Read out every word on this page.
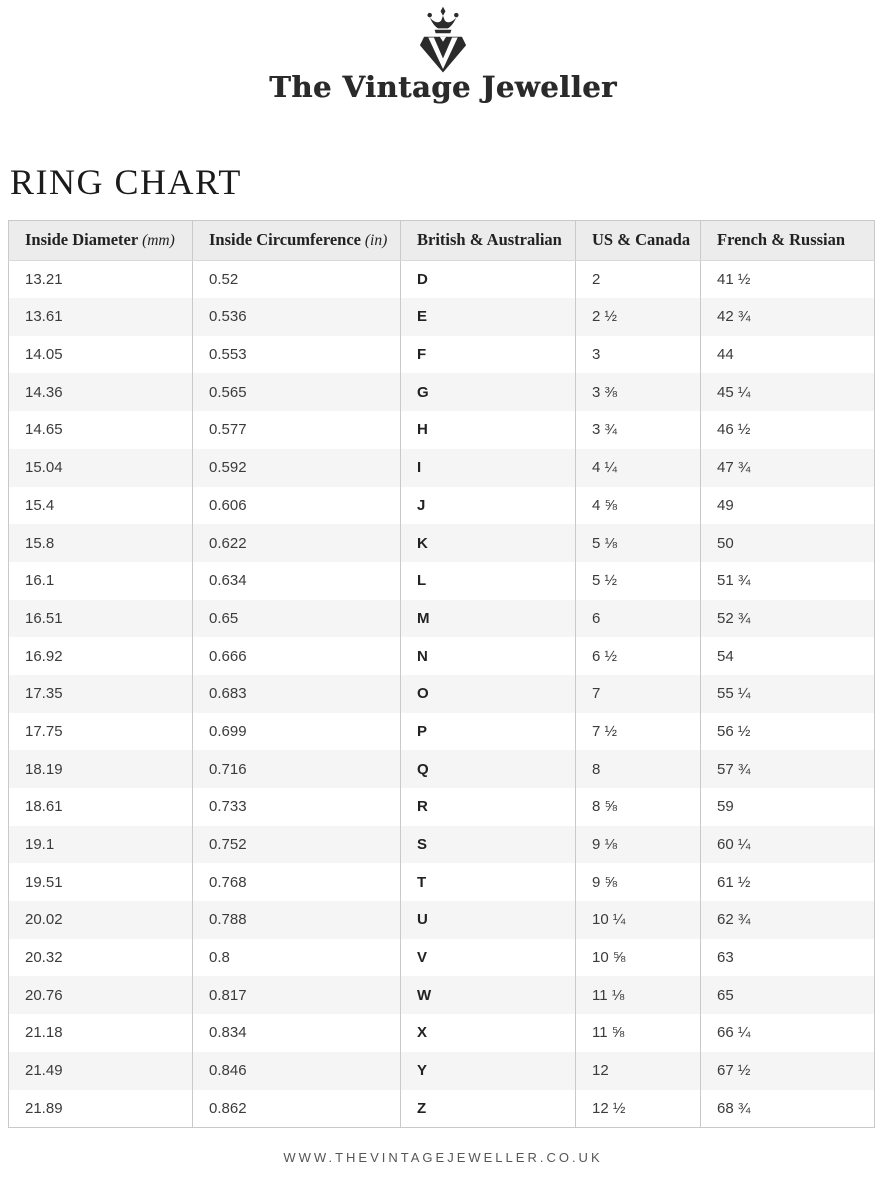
The Vintage Jeweller
RING CHART
Inside Diameter (mm)	Inside Circumference (in)	British & Australian	US & Canada	French & Russian
13.21	0.52	D	2	41 ½
13.61	0.536	E	2 ½	42 ¾
14.05	0.553	F	3	44
14.36	0.565	G	3 ⅜	45 ¼
14.65	0.577	H	3 ¾	46 ½
15.04	0.592	I	4 ¼	47 ¾
15.4	0.606	J	4 ⅝	49
15.8	0.622	K	5 ⅛	50
16.1	0.634	L	5 ½	51 ¾
16.51	0.65	M	6	52 ¾
16.92	0.666	N	6 ½	54
17.35	0.683	O	7	55 ¼
17.75	0.699	P	7 ½	56 ½
18.19	0.716	Q	8	57 ¾
18.61	0.733	R	8 ⅝	59
19.1	0.752	S	9 ⅛	60 ¼
19.51	0.768	T	9 ⅝	61 ½
20.02	0.788	U	10 ¼	62 ¾
20.32	0.8	V	10 ⅝	63
20.76	0.817	W	11 ⅛	65
21.18	0.834	X	11 ⅝	66 ¼
21.49	0.846	Y	12	67 ½
21.89	0.862	Z	12 ½	68 ¾
WWW.THEVINTAGEJEWELLER.CO.UK
